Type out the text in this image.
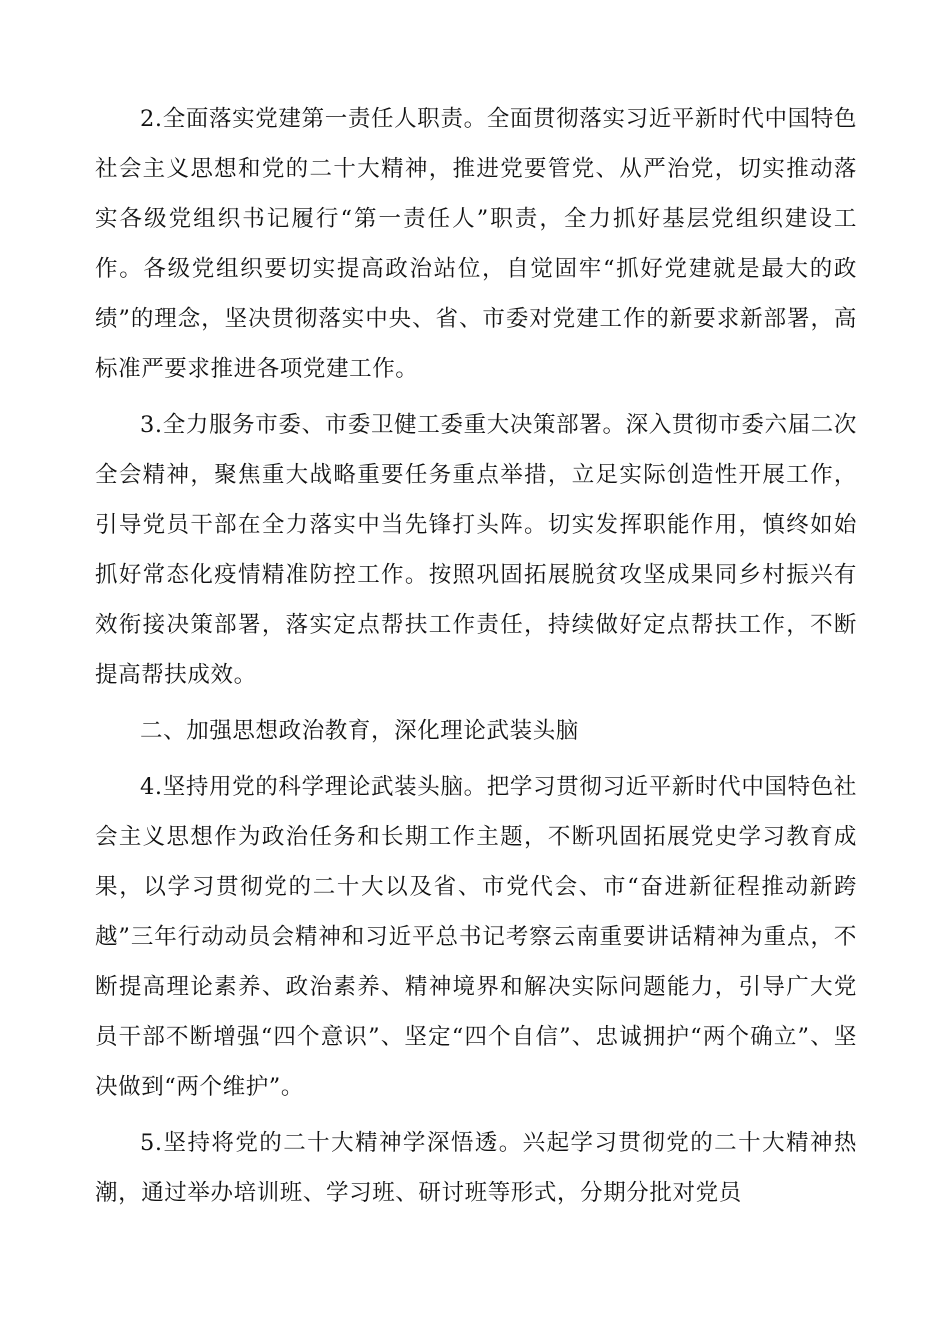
2.全面落实党建第一责任人职责。全面贯彻落实习近平新时代中国特色社会主义思想和党的二十大精神，推进党要管党、从严治党，切实推动落实各级党组织书记履行“第一责任人”职责，全力抓好基层党组织建设工作。各级党组织要切实提高政治站位，自觉固牢“抓好党建就是最大的政绩”的理念，坚决贯彻落实中央、省、市委对党建工作的新要求新部署，高标准严要求推进各项党建工作。

3.全力服务市委、市委卫健工委重大决策部署。深入贯彻市委六届二次全会精神，聚焦重大战略重要任务重点举措，立足实际创造性开展工作，引导党员干部在全力落实中当先锋打头阵。切实发挥职能作用，慎终如始抓好常态化疫情精准防控工作。按照巩固拓展脱贫攻坚成果同乡村振兴有效衔接决策部署，落实定点帮扶工作责任，持续做好定点帮扶工作，不断提高帮扶成效。

二、加强思想政治教育，深化理论武装头脑

4.坚持用党的科学理论武装头脑。把学习贯彻习近平新时代中国特色社会主义思想作为政治任务和长期工作主题，不断巩固拓展党史学习教育成果，以学习贯彻党的二十大以及省、市党代会、市“奋进新征程推动新跨越”三年行动动员会精神和习近平总书记考察云南重要讲话精神为重点，不断提高理论素养、政治素养、精神境界和解决实际问题能力，引导广大党员干部不断增强“四个意识”、坚定“四个自信”、忠诚拥护“两个确立”、坚决做到“两个维护”。

5.坚持将党的二十大精神学深悟透。兴起学习贯彻党的二十大精神热潮，通过举办培训班、学习班、研讨班等形式，分期分批对党员
